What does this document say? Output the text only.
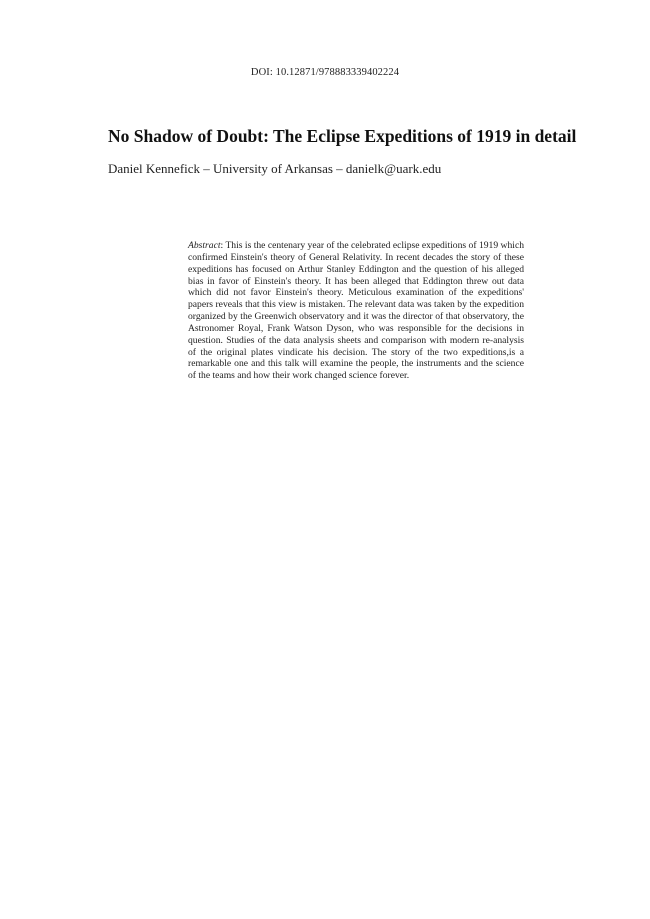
DOI: 10.12871/978883339402224
No Shadow of Doubt: The Eclipse Expeditions of 1919 in detail
Daniel Kennefick – University of Arkansas – danielk@uark.edu

Abstract: This is the centenary year of the celebrated eclipse expeditions of 1919 which confirmed Einstein's theory of General Relativity. In recent decades the story of these expeditions has focused on Arthur Stanley Eddington and the question of his alleged bias in favor of Einstein's theory. It has been alleged that Eddington threw out data which did not favor Einstein's theory. Meticulous examination of the expeditions' papers reveals that this view is mistaken. The relevant data was taken by the expedition organized by the Greenwich observatory and it was the director of that observatory, the Astronomer Royal, Frank Watson Dyson, who was responsible for the decisions in question. Studies of the data analysis sheets and comparison with modern re-analysis of the original plates vindicate his decision. The story of the two expeditions,is a remarkable one and this talk will examine the people, the instruments and the science of the teams and how their work changed science forever.
